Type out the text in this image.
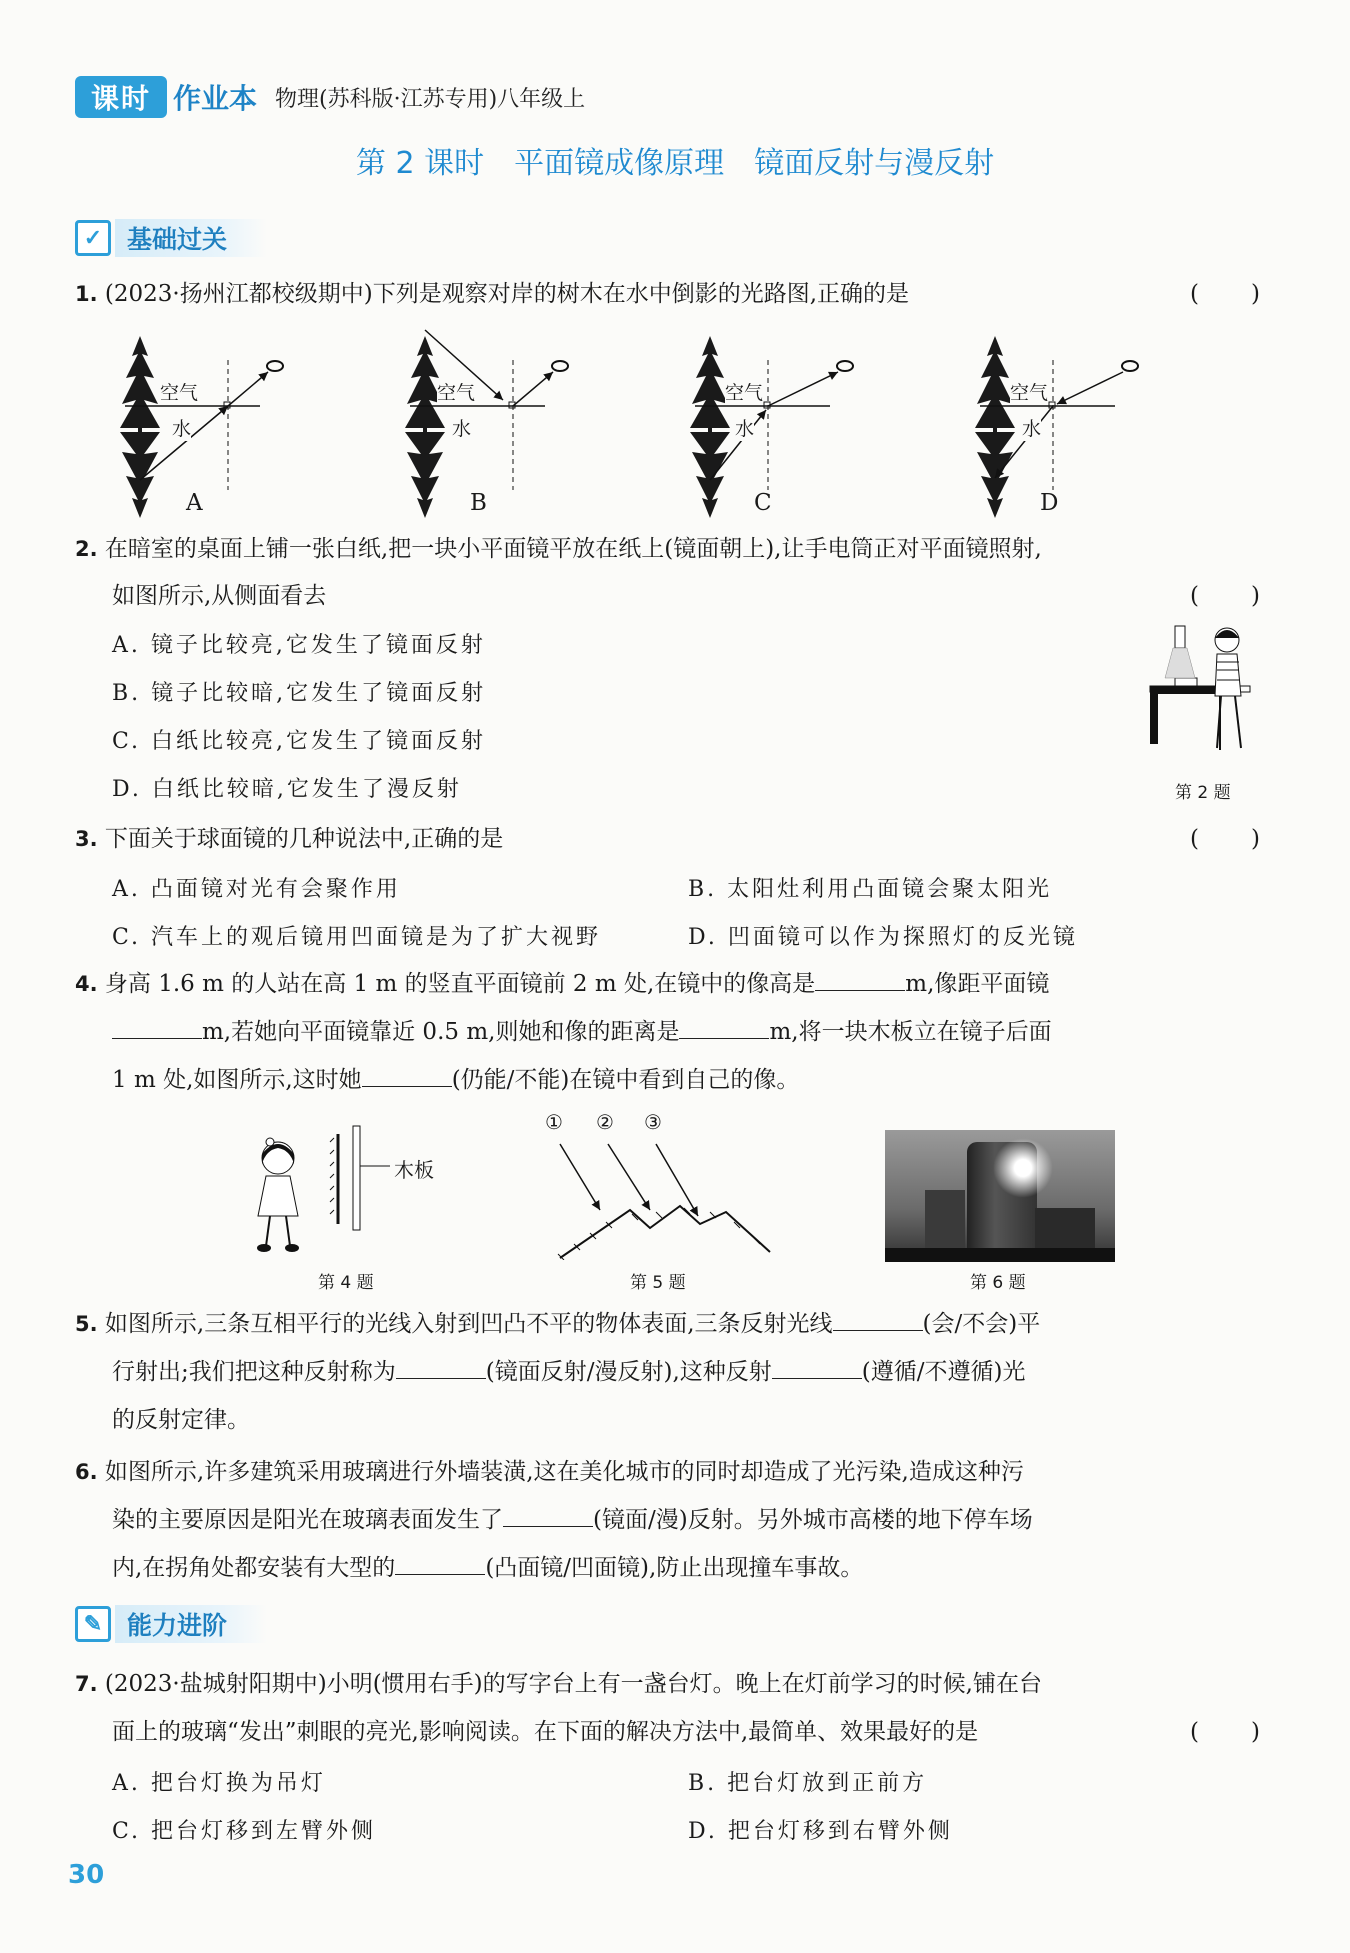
课时 作业本 物理(苏科版·江苏专用)八年级上
第 2 课时　平面镜成像原理　镜面反射与漫反射
✓ 基础过关
1. (2023·扬州江都校级期中)下列是观察对岸的树木在水中倒影的光路图,正确的是	(　　)
空气
水
空气
水
空气
水
空气
水
A	B	C	D
2. 在暗室的桌面上铺一张白纸,把一块小平面镜平放在纸上(镜面朝上),让手电筒正对平面镜照射,
如图所示,从侧面看去	(　　)
A. 镜子比较亮,它发生了镜面反射
B. 镜子比较暗,它发生了镜面反射
C. 白纸比较亮,它发生了镜面反射
D. 白纸比较暗,它发生了漫反射	第 2 题
3. 下面关于球面镜的几种说法中,正确的是	(　　)
A. 凸面镜对光有会聚作用	B. 太阳灶利用凸面镜会聚太阳光
C. 汽车上的观后镜用凹面镜是为了扩大视野	D. 凹面镜可以作为探照灯的反光镜
4. 身高 1.6 m 的人站在高 1 m 的竖直平面镜前 2 m 处,在镜中的像高是	m,像距平面镜
m,若她向平面镜靠近 0.5 m,则她和像的距离是	m,将一块木板立在镜子后面
1 m 处,如图所示,这时她	(仍能/不能)在镜中看到自己的像。
木板
第 4 题
① ② ③
第 5 题	第 6 题
5. 如图所示,三条互相平行的光线入射到凹凸不平的物体表面,三条反射光线	(会/不会)平
行射出;我们把这种反射称为	(镜面反射/漫反射),这种反射	(遵循/不遵循)光
的反射定律。
6. 如图所示,许多建筑采用玻璃进行外墙装潢,这在美化城市的同时却造成了光污染,造成这种污
染的主要原因是阳光在玻璃表面发生了	(镜面/漫)反射。另外城市高楼的地下停车场
内,在拐角处都安装有大型的	(凸面镜/凹面镜),防止出现撞车事故。
✎ 能力进阶
7. (2023·盐城射阳期中)小明(惯用右手)的写字台上有一盏台灯。晚上在灯前学习的时候,铺在台
面上的玻璃“发出”刺眼的亮光,影响阅读。在下面的解决方法中,最简单、效果最好的是	(　　)
A. 把台灯换为吊灯	B. 把台灯放到正前方
C. 把台灯移到左臂外侧	D. 把台灯移到右臂外侧
30
